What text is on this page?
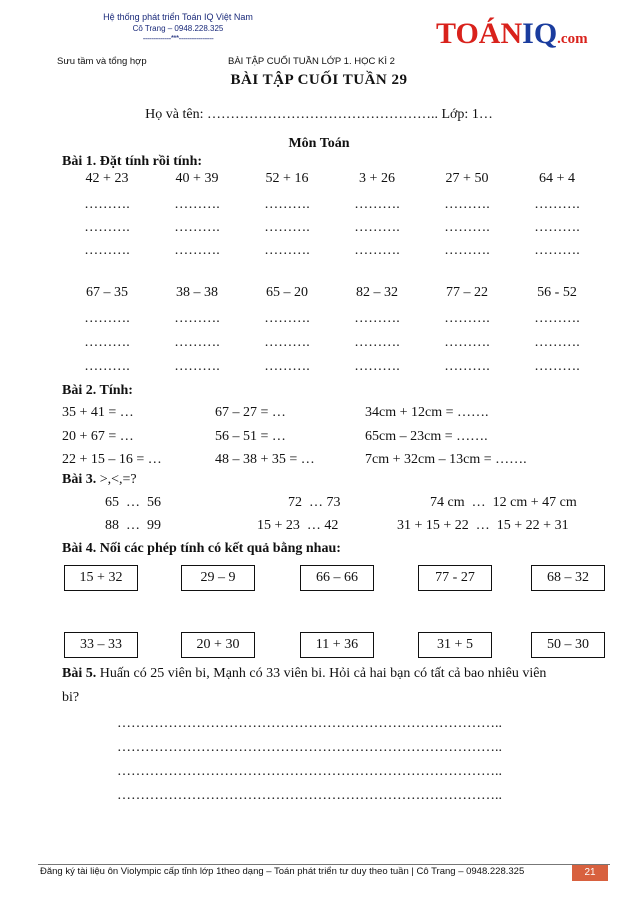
Hệ thống phát triển Toán IQ Việt Nam
Cô Trang – 0948.228.325
-------------***----------------	TOÁNIQ.com
Sưu tầm và tổng hợp	BÀI TẬP CUỐI TUẦN LỚP 1. HỌC KÌ 2
BÀI TẬP CUỐI TUẦN 29
Họ và tên: ………………………………………….. Lớp: 1…
Môn Toán
Bài 1. Đặt tính rồi tính:
42 + 23	40 + 39	52 + 16	3 + 26	27 + 50	64 + 4
……….	……….	……….	……….	……….	……….
……….	……….	……….	……….	……….	……….
……….	……….	……….	……….	……….	……….
67 – 35	38 – 38	65 – 20	82 – 32	77 – 22	56 - 52
……….	……….	……….	……….	……….	……….
……….	……….	……….	……….	……….	……….
……….	……….	……….	……….	……….	……….
Bài 2. Tính:
35 + 41 = …	67 – 27 = …	34cm + 12cm = …….
20 + 67 = …	56 – 51 = …	65cm – 23cm = …….
22 + 15 – 16 = …	48 – 38 + 35 = …	7cm + 32cm – 13cm = …….
Bài 3. >,<,=?
65  …  56	72  … 73	74 cm  …  12 cm + 47 cm
88  …  99	15 + 23  … 42	31 + 15 + 22  …  15 + 22 + 31
Bài 4. Nối các phép tính có kết quả bằng nhau:
15 + 32	29 – 9	66 – 66	77 - 27	68 – 32
33 – 33	20 + 30	11 + 36	31 + 5	50 – 30
Bài 5. Huấn có 25 viên bi, Mạnh có 33 viên bi. Hỏi cả hai bạn có tất cả bao nhiêu viên
bi?
………………………………………………………………………..
………………………………………………………………………..
………………………………………………………………………..
………………………………………………………………………..
Đăng ký tài liệu ôn Violympic cấp tỉnh lớp 1theo dạng – Toán phát triển tư duy theo tuần | Cô Trang – 0948.228.325	21
